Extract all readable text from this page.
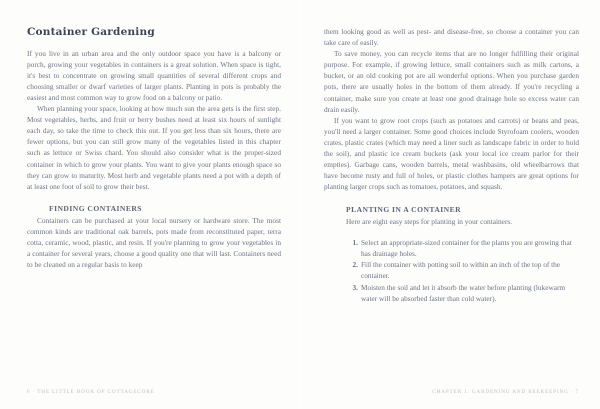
Container Gardening

If you live in an urban area and the only outdoor space you have is a balcony or porch, growing your vegetables in containers is a great solution. When space is tight, it's best to concentrate on growing small quantities of several different crops and choosing smaller or dwarf varieties of larger plants. Planting in pots is probably the easiest and most common way to grow food on a balcony or patio.

When planning your space, looking at how much sun the area gets is the first step. Most vegetables, herbs, and fruit or berry bushes need at least six hours of sunlight each day, so take the time to check this out. If you get less than six hours, there are fewer options, but you can still grow many of the vegetables listed in this chapter such as lettuce or Swiss chard. You should also consider what is the proper-sized container in which to grow your plants. You want to give your plants enough space so they can grow to maturity. Most herb and vegetable plants need a pot with a depth of at least one foot of soil to grow their best.

FINDING CONTAINERS

Containers can be purchased at your local nursery or hardware store. The most common kinds are traditional oak barrels, pots made from reconstituted paper, terra cotta, ceramic, wood, plastic, and resin. If you're planning to grow your vegetables in a container for several years, choose a good quality one that will last. Containers need to be cleaned on a regular basis to keep

6 · THE LITTLE BOOK OF COTTAGECORE

them looking good as well as pest- and disease-free, so choose a container you can take care of easily.

To save money, you can recycle items that are no longer fulfilling their original purpose. For example, if growing lettuce, small containers such as milk cartons, a bucket, or an old cooking pot are all wonderful options. When you purchase garden pots, there are usually holes in the bottom of them already. If you're recycling a container, make sure you create at least one good drainage hole so excess water can drain easily.

If you want to grow root crops (such as potatoes and carrots) or beans and peas, you'll need a larger container. Some good choices include Styrofoam coolers, wooden crates, plastic crates (which may need a liner such as landscape fabric in order to hold the soil), and plastic ice cream buckets (ask your local ice cream parlor for their empties). Garbage cans, wooden barrels, metal washbasins, old wheelbarrows that have become rusty and full of holes, or plastic clothes hampers are great options for planting larger crops such as tomatoes, potatoes, and squash.

PLANTING IN A CONTAINER

Here are eight easy steps for planting in your containers.

Select an appropriate-sized container for the plants you are growing that has drainage holes.
Fill the container with potting soil to within an inch of the top of the container.
Moisten the soil and let it absorb the water before planting (lukewarm water will be absorbed faster than cold water).
CHAPTER 1: GARDENING AND BEEKEEPING · 7
